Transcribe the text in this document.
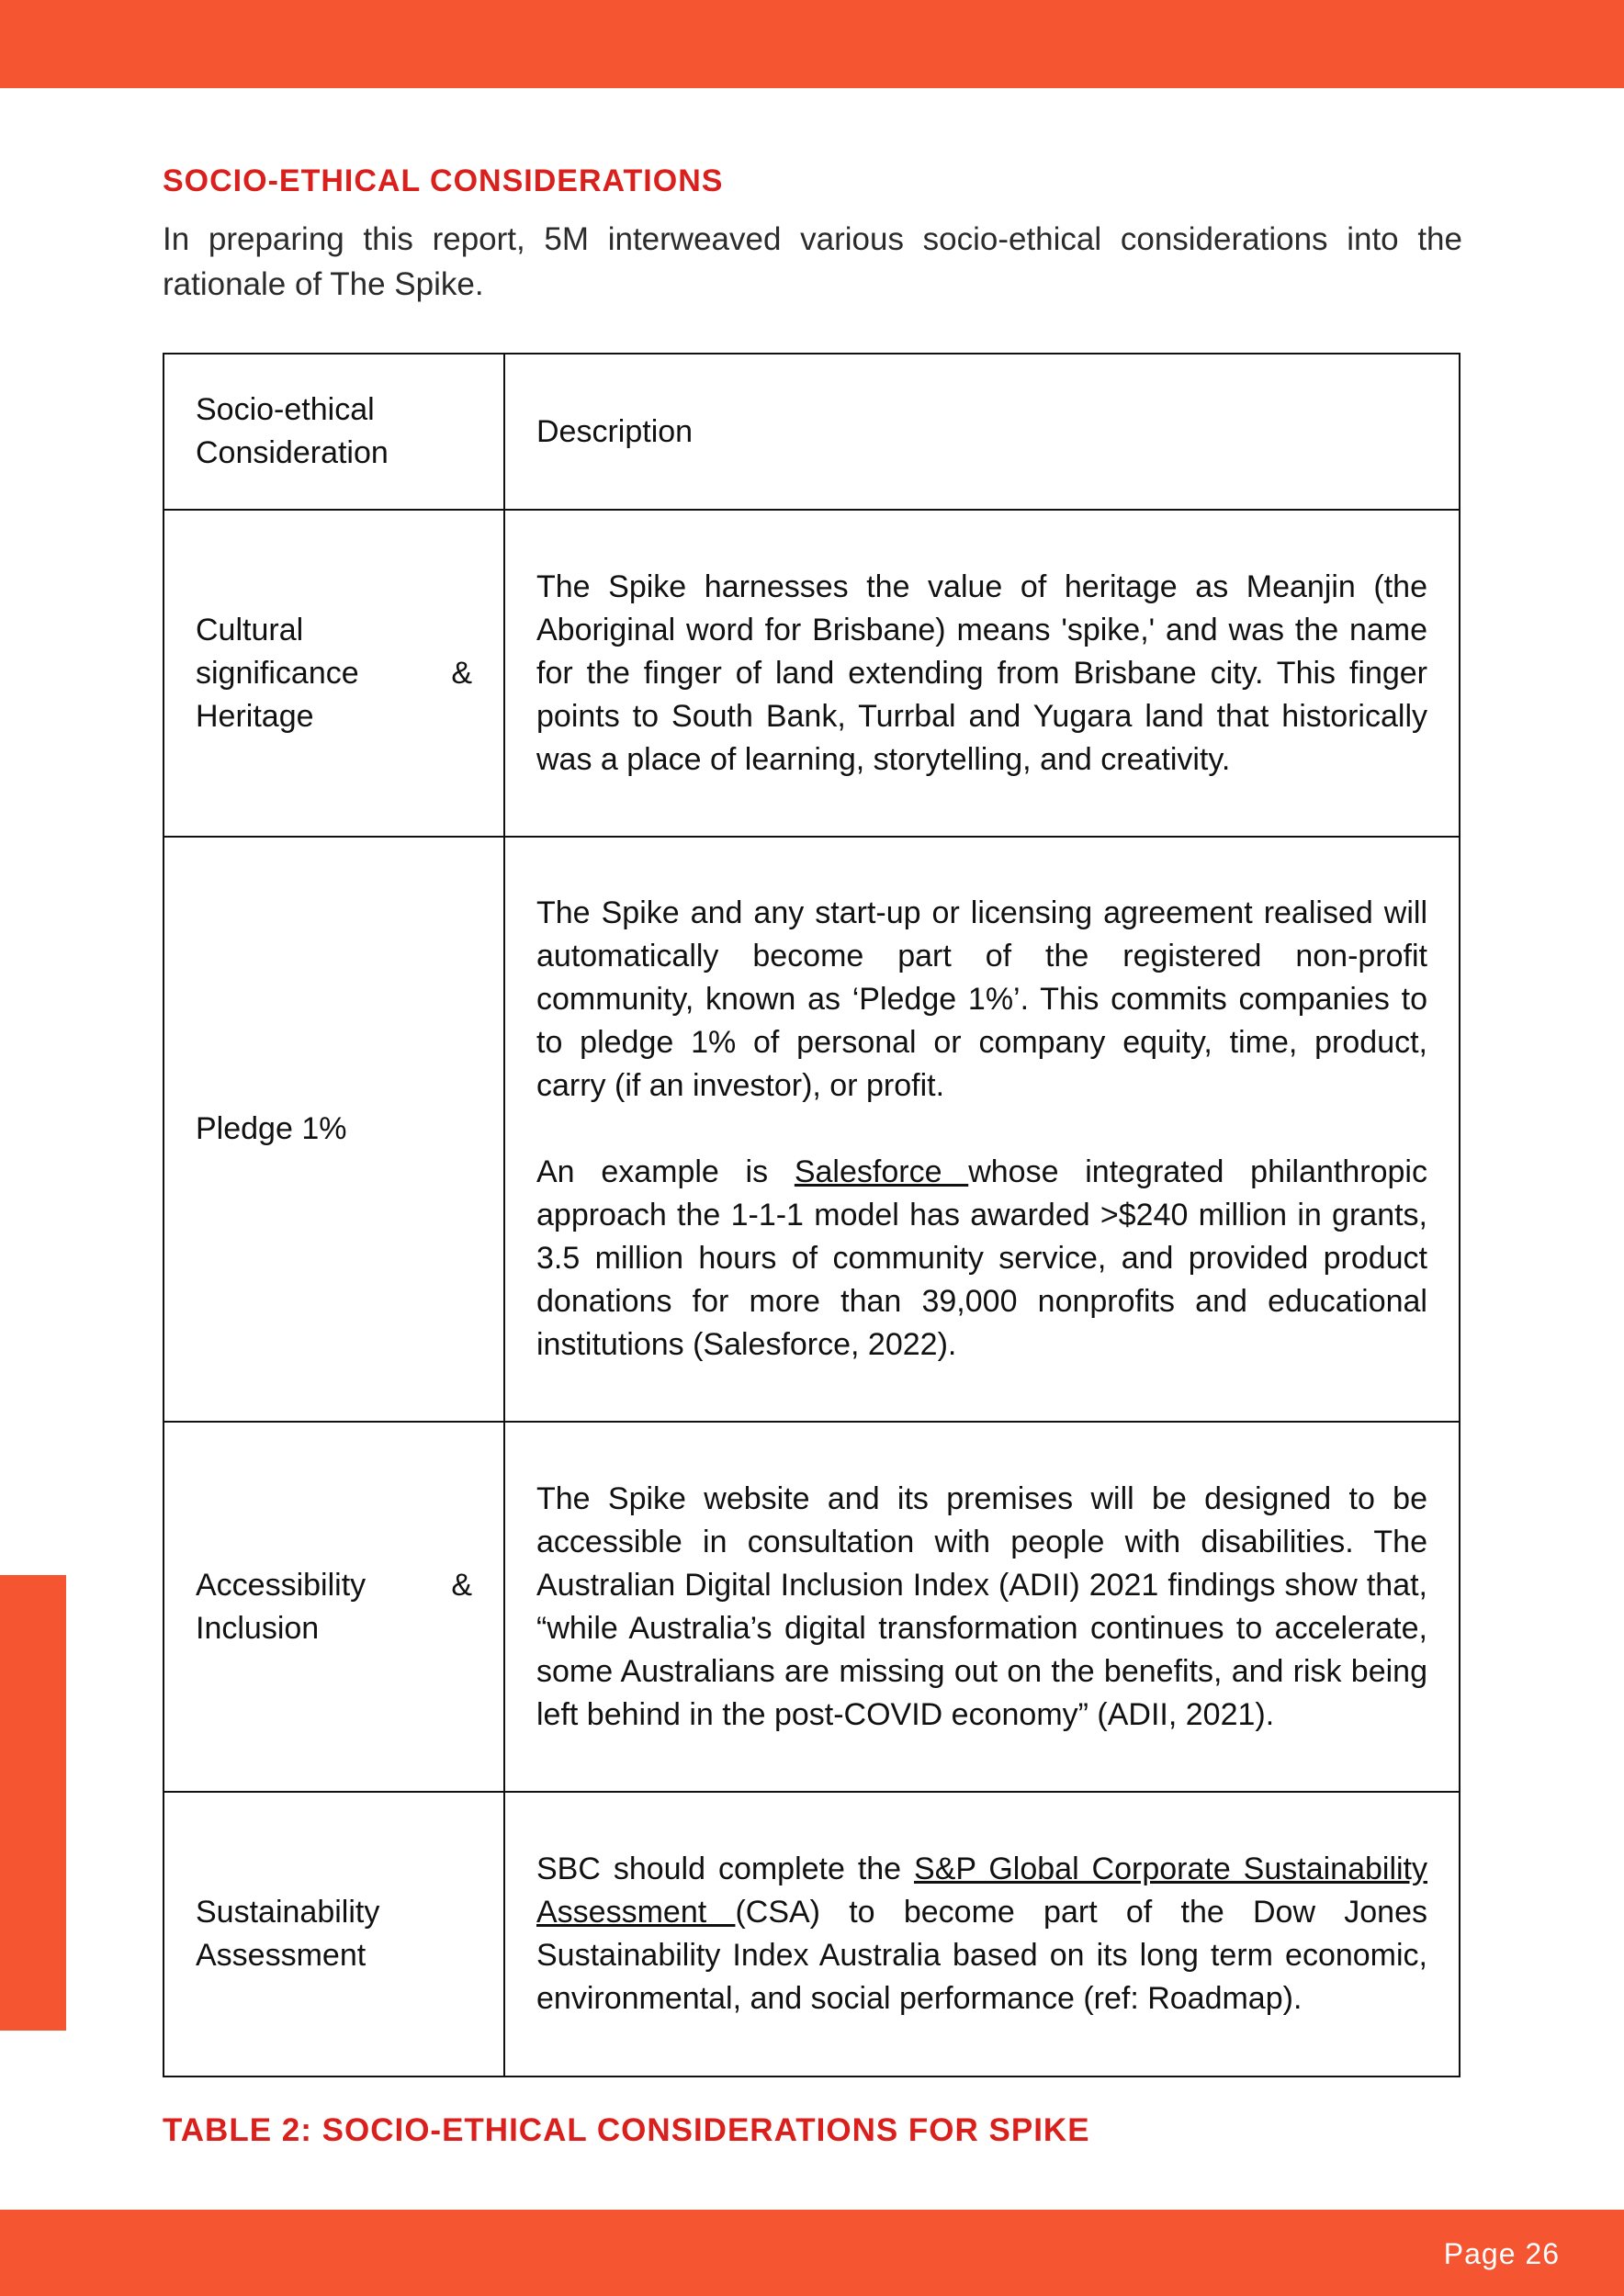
SOCIO-ETHICAL CONSIDERATIONS

In preparing this report, 5M interweaved various socio-ethical considerations into the rationale of The Spike.

Socio-ethical Consideration	Description
Cultural significance & Heritage	The Spike harnesses the value of heritage as Meanjin (the Aboriginal word for Brisbane) means 'spike,' and was the name for the finger of land extending from Brisbane city. This finger points to South Bank, Turrbal and Yugara land that historically was a place of learning, storytelling, and creativity.
Pledge 1%	The Spike and any start-up or licensing agreement realised will automatically become part of the registered non-profit community, known as ‘Pledge 1%’. This commits companies to to pledge 1% of personal or company equity, time, product, carry (if an investor), or profit.

An example is Salesforce whose integrated philanthropic approach the 1-1-1 model has awarded >$240 million in grants, 3.5 million hours of community service, and provided product donations for more than 39,000 nonprofits and educational institutions (Salesforce, 2022).

Accessibility & Inclusion	The Spike website and its premises will be designed to be accessible in consultation with people with disabilities. The Australian Digital Inclusion Index (ADII) 2021 findings show that, “while Australia’s digital transformation continues to accelerate, some Australians are missing out on the benefits, and risk being left behind in the post-COVID economy” (ADII, 2021).
Sustainability Assessment	SBC should complete the S&P Global Corporate Sustainability Assessment (CSA) to become part of the Dow Jones Sustainability Index Australia based on its long term economic, environmental, and social performance (ref: Roadmap).
TABLE 2: SOCIO-ETHICAL CONSIDERATIONS FOR SPIKE
Page 26
